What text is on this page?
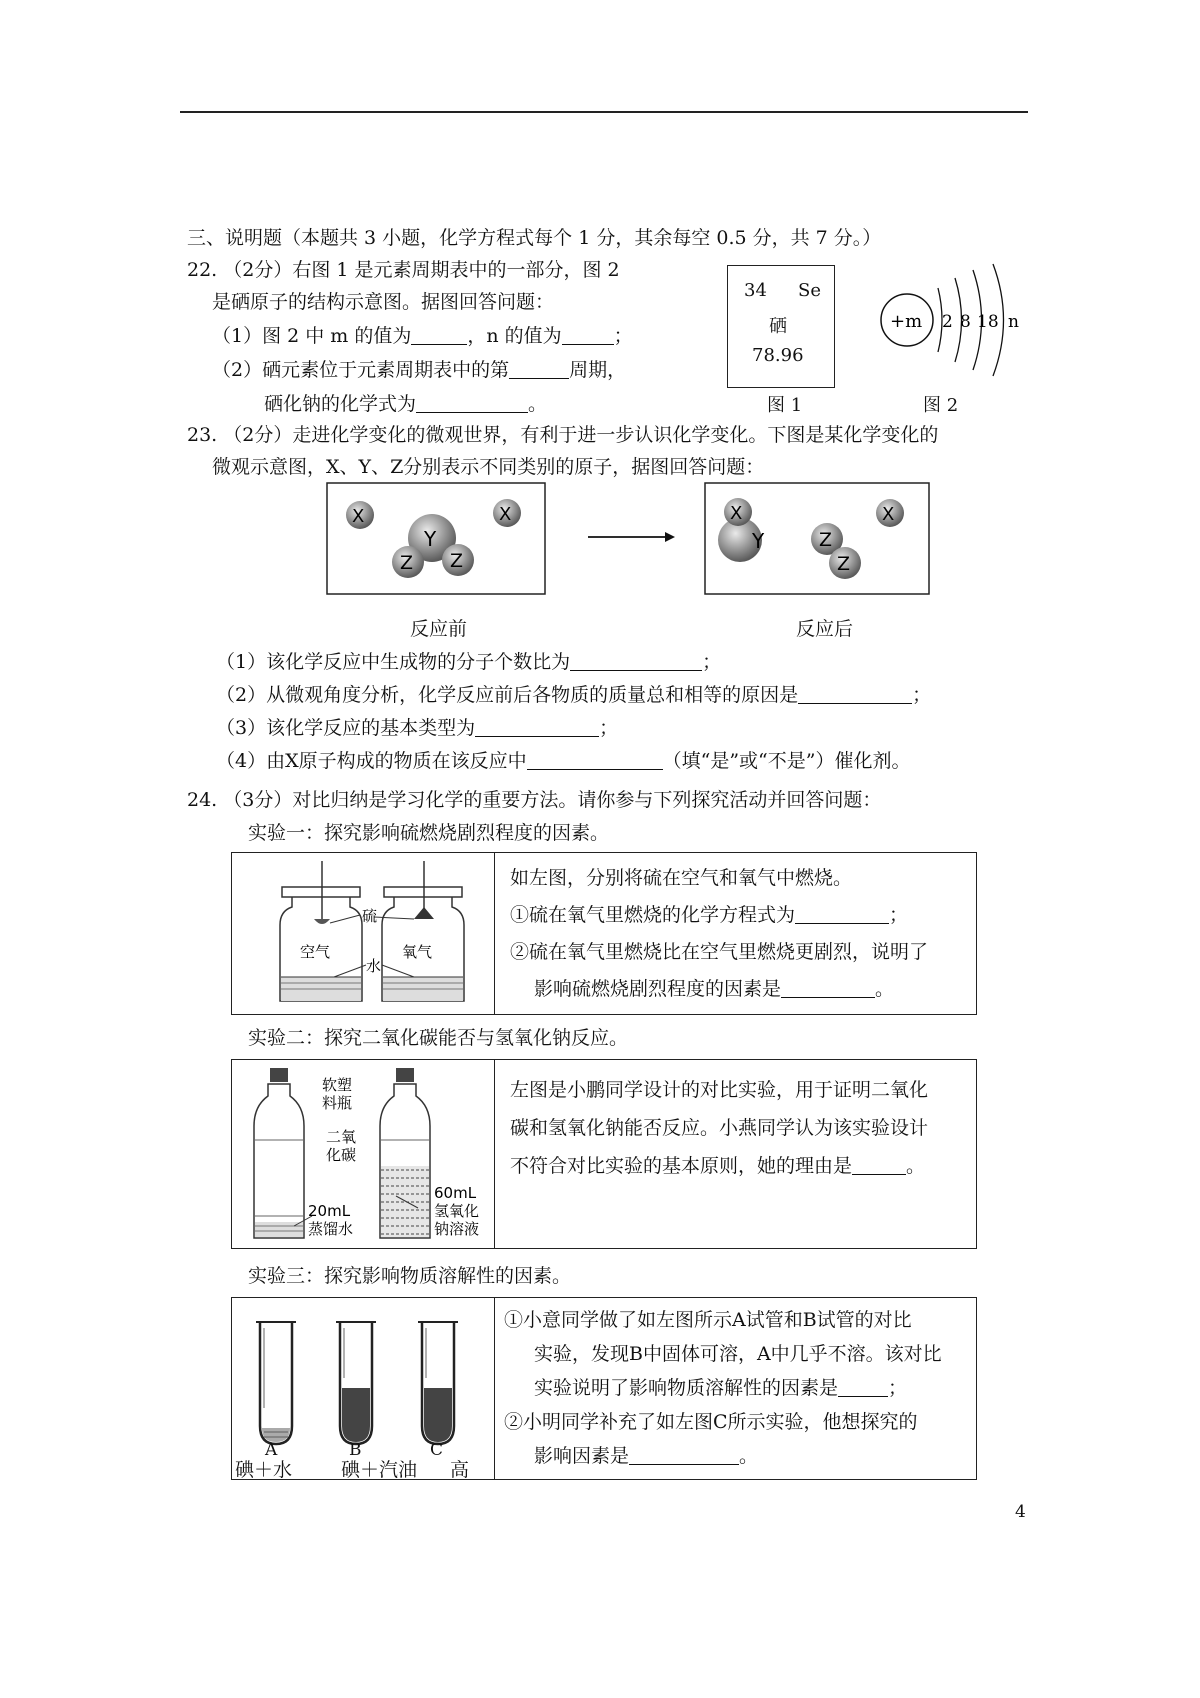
三、说明题（本题共 3 小题，化学方程式每个 1 分，其余每空 0.5 分，共 7 分。）
22. （2分）右图 1 是元素周期表中的一部分，图 2
是硒原子的结构示意图。据图回答问题：
（1）图 2 中 m 的值为	，n 的值为	；
（2）硒元素位于元素周期表中的第	周期，
硒化钠的化学式为	。
34 Se
硒
78.96
图 1
+m 2 8 18 n
图 2
23. （2分）走进化学变化的微观世界，有利于进一步认识化学变化。下图是某化学变化的
微观示意图，X、Y、Z分别表示不同类别的原子，据图回答问题：
X	X
Y
Z Z
Y
X	X
Z
Z
反应前	反应后
（1）该化学反应中生成物的分子个数比为	；
（2）从微观角度分析，化学反应前后各物质的质量总和相等的原因是	；
（3）该化学反应的基本类型为	；
（4）由X原子构成的物质在该反应中	（填“是”或“不是”）催化剂。
24. （3分）对比归纳是学习化学的重要方法。请你参与下列探究活动并回答问题：
实验一：探究影响硫燃烧剧烈程度的因素。
硫
空气	氧气
水
如左图，分别将硫在空气和氧气中燃烧。
①硫在氧气里燃烧的化学方程式为	；
②硫在氧气里燃烧比在空气里燃烧更剧烈，说明了
影响硫燃烧剧烈程度的因素是	。
实验二：探究二氧化碳能否与氢氧化钠反应。
软塑
料瓶
二氧
化碳
20mL
蒸馏水
60mL
氢氧化
钠溶液
左图是小鹏同学设计的对比实验，用于证明二氧化
碳和氢氧化钠能否反应。小燕同学认为该实验设计
不符合对比实验的基本原则，她的理由是	。
实验三：探究影响物质溶解性的因素。
A	B	C
碘＋水	碘＋汽油 高
①小意同学做了如左图所示A试管和B试管的对比
实验，发现B中固体可溶，A中几乎不溶。该对比
实验说明了影响物质溶解性的因素是	；
②小明同学补充了如左图C所示实验，他想探究的
影响因素是	。
4
